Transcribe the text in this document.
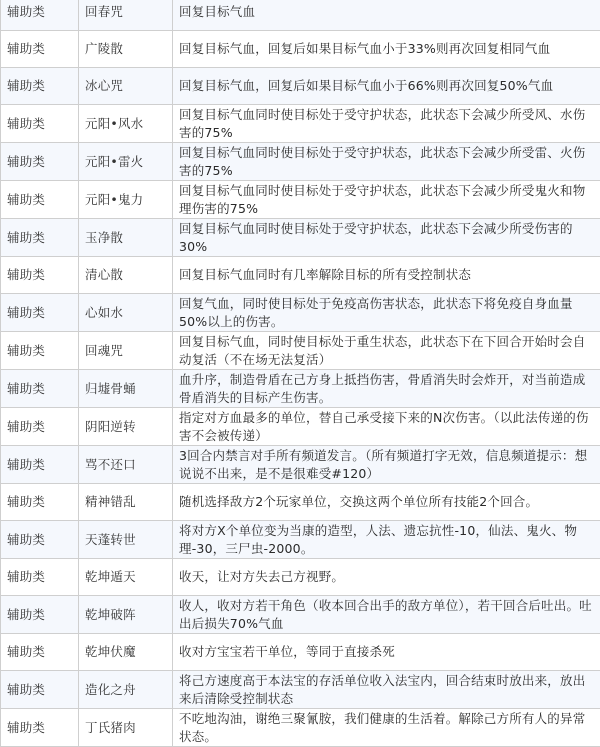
辅助类	回春咒	回复目标气血
辅助类	广陵散	回复目标气血，回复后如果目标气血小于33%则再次回复相同气血
辅助类	冰心咒	回复目标气血，回复后如果目标气血小于66%则再次回复50%气血
辅助类	元阳•风水	回复目标气血同时使目标处于受守护状态，此状态下会减少所受风、水伤害的75%
辅助类	元阳•雷火	回复目标气血同时使目标处于受守护状态，此状态下会减少所受雷、火伤害的75%
辅助类	元阳•鬼力	回复目标气血同时使目标处于受守护状态，此状态下会减少所受鬼火和物理伤害的75%
辅助类	玉净散	回复目标气血同时使目标处于受守护状态，此状态下会减少所受伤害的30%
辅助类	清心散	回复目标气血同时有几率解除目标的所有受控制状态
辅助类	心如水	回复气血，同时使目标处于免疫高伤害状态，此状态下将免疫自身血量50%以上的伤害。
辅助类	回魂咒	回复目标气血，同时使目标处于重生状态，此状态下在下回合开始时会自动复活（不在场无法复活）
辅助类	归墟骨蛹	血升序，制造骨盾在己方身上抵挡伤害，骨盾消失时会炸开，对当前造成骨盾消失的目标产生伤害。
辅助类	阴阳逆转	指定对方血最多的单位，替自己承受接下来的N次伤害。（以此法传递的伤害不会被传递）
辅助类	骂不还口	3回合内禁言对手所有频道发言。（所有频道打字无效，信息频道提示：想说说不出来，是不是很难受#120）
辅助类	精神错乱	随机选择敌方2个玩家单位，交换这两个单位所有技能2个回合。
辅助类	天蓬转世	将对方X个单位变为当康的造型，人法、遗忘抗性-10，仙法、鬼火、物理-30，三尸虫-2000。
辅助类	乾坤遁天	收天，让对方失去己方视野。
辅助类	乾坤破阵	收人，收对方若干角色（收本回合出手的敌方单位），若干回合后吐出。吐出后损失70%气血
辅助类	乾坤伏魔	收对方宝宝若干单位，等同于直接杀死
辅助类	造化之舟	将己方速度高于本法宝的存活单位收入法宝内，回合结束时放出来，放出来后清除受控制状态
辅助类	丁氏猪肉	不吃地沟油，谢绝三聚氰胺，我们健康的生活着。解除己方所有人的异常状态。
